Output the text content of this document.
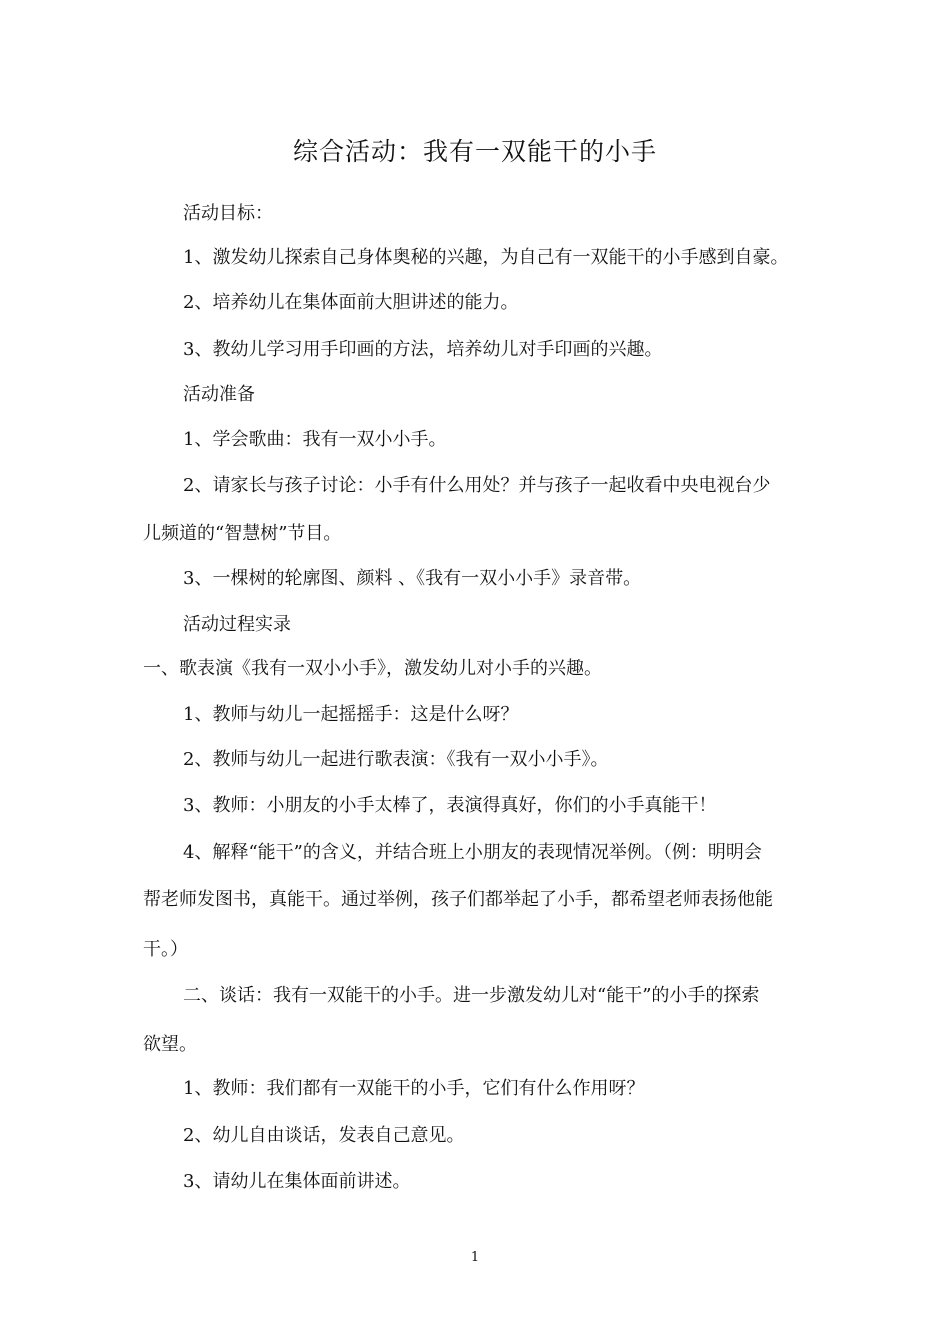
综合活动：我有一双能干的小手
活动目标：
1、激发幼儿探索自己身体奥秘的兴趣，为自己有一双能干的小手感到自豪。
2、培养幼儿在集体面前大胆讲述的能力。
3、教幼儿学习用手印画的方法，培养幼儿对手印画的兴趣。
活动准备
1、学会歌曲：我有一双小小手。
2、请家长与孩子讨论：小手有什么用处？并与孩子一起收看中央电视台少
儿频道的“智慧树”节目。
3、一棵树的轮廓图、颜料 、《我有一双小小手》录音带。
活动过程实录
一、歌表演《我有一双小小手》，激发幼儿对小手的兴趣。
1、教师与幼儿一起摇摇手：这是什么呀？
2、教师与幼儿一起进行歌表演：《我有一双小小手》。
3、教师：小朋友的小手太棒了，表演得真好，你们的小手真能干！
4、解释“能干”的含义，并结合班上小朋友的表现情况举例。（例：明明会
帮老师发图书，真能干。通过举例，孩子们都举起了小手，都希望老师表扬他能
干。）
二、谈话：我有一双能干的小手。进一步激发幼儿对“能干”的小手的探索
欲望。
1、教师：我们都有一双能干的小手，它们有什么作用呀？
2、幼儿自由谈话，发表自己意见。
3、请幼儿在集体面前讲述。
1
